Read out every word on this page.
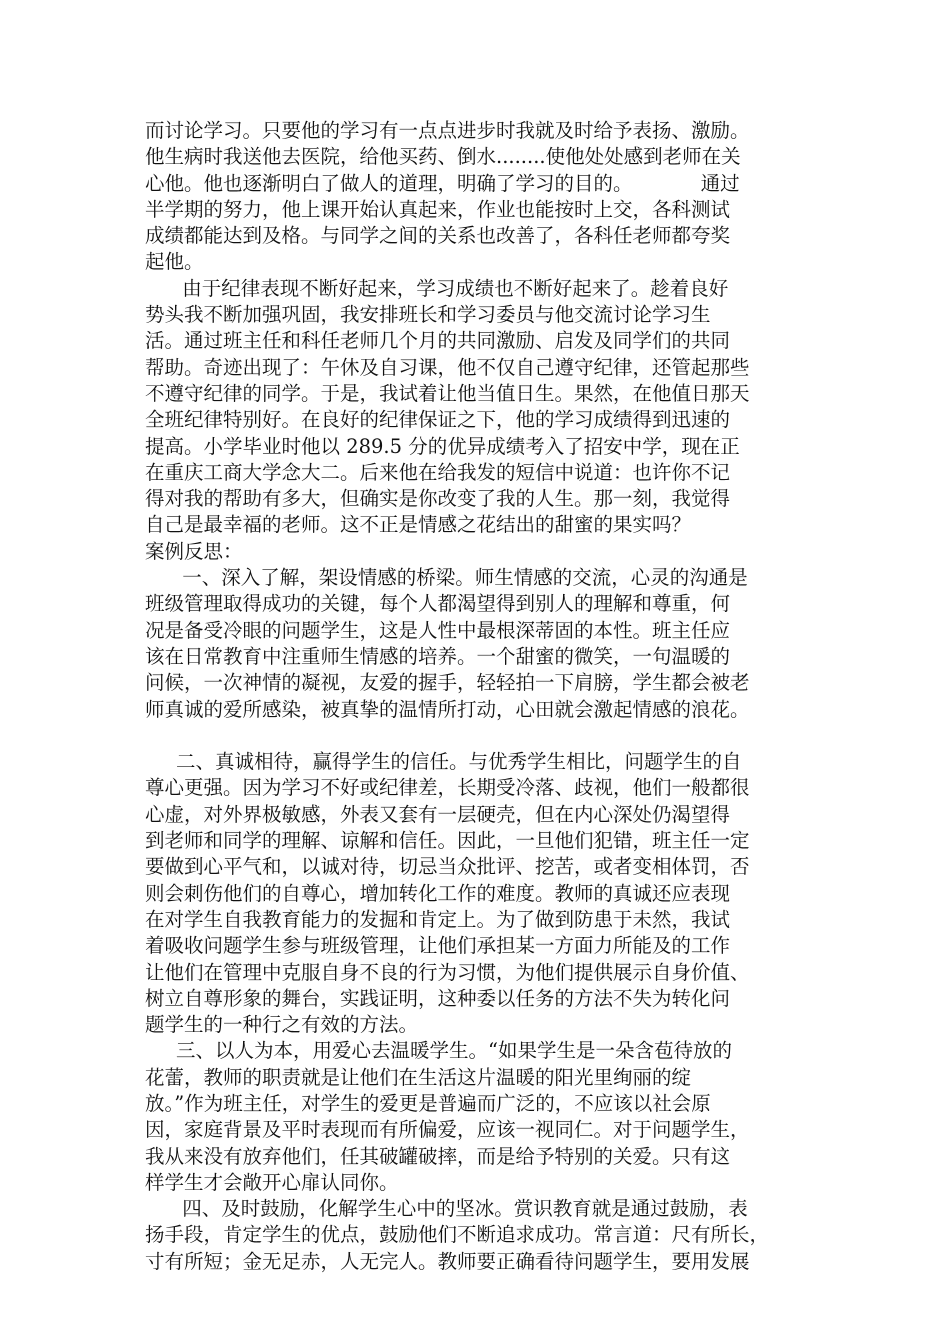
而讨论学习。只要他的学习有一点点进步时我就及时给予表扬、激励。
他生病时我送他去医院，给他买药、倒水........使他处处感到老师在关
心他。他也逐渐明白了做人的道理，明确了学习的目的。           通过
半学期的努力，他上课开始认真起来，作业也能按时上交，各科测试
成绩都能达到及格。与同学之间的关系也改善了，各科任老师都夸奖
起他。
由于纪律表现不断好起来，学习成绩也不断好起来了。趁着良好
势头我不断加强巩固，我安排班长和学习委员与他交流讨论学习生
活。通过班主任和科任老师几个月的共同激励、启发及同学们的共同
帮助。奇迹出现了：午休及自习课，他不仅自己遵守纪律，还管起那些
不遵守纪律的同学。于是，我试着让他当值日生。果然，在他值日那天
全班纪律特别好。在良好的纪律保证之下，他的学习成绩得到迅速的
提高。小学毕业时他以 289.5 分的优异成绩考入了招安中学，现在正
在重庆工商大学念大二。后来他在给我发的短信中说道：也许你不记
得对我的帮助有多大，但确实是你改变了我的人生。那一刻，我觉得
自己是最幸福的老师。这不正是情感之花结出的甜蜜的果实吗？
案例反思：
一、深入了解，架设情感的桥梁。师生情感的交流，心灵的沟通是
班级管理取得成功的关键，每个人都渴望得到别人的理解和尊重，何
况是备受冷眼的问题学生，这是人性中最根深蒂固的本性。班主任应
该在日常教育中注重师生情感的培养。一个甜蜜的微笑，一句温暖的
问候，一次神情的凝视，友爱的握手，轻轻拍一下肩膀，学生都会被老
师真诚的爱所感染，被真挚的温情所打动，心田就会激起情感的浪花。
二、真诚相待，赢得学生的信任。与优秀学生相比，问题学生的自
尊心更强。因为学习不好或纪律差，长期受冷落、歧视，他们一般都很
心虚，对外界极敏感，外表又套有一层硬壳，但在内心深处仍渴望得
到老师和同学的理解、谅解和信任。因此，一旦他们犯错，班主任一定
要做到心平气和，以诚对待，切忌当众批评、挖苦，或者变相体罚，否
则会刺伤他们的自尊心，增加转化工作的难度。教师的真诚还应表现
在对学生自我教育能力的发掘和肯定上。为了做到防患于未然，我试
着吸收问题学生参与班级管理，让他们承担某一方面力所能及的工作
让他们在管理中克服自身不良的行为习惯，为他们提供展示自身价值、
树立自尊形象的舞台，实践证明，这种委以任务的方法不失为转化问
题学生的一种行之有效的方法。
三、以人为本，用爱心去温暖学生。“如果学生是一朵含苞待放的
花蕾，教师的职责就是让他们在生活这片温暖的阳光里绚丽的绽
放。”作为班主任，对学生的爱更是普遍而广泛的，不应该以社会原
因，家庭背景及平时表现而有所偏爱，应该一视同仁。对于问题学生，
我从来没有放弃他们，任其破罐破摔，而是给予特别的关爱。只有这
样学生才会敞开心扉认同你。
四、及时鼓励，化解学生心中的坚冰。赏识教育就是通过鼓励，表
扬手段，肯定学生的优点，鼓励他们不断追求成功。常言道：尺有所长，
寸有所短；金无足赤，人无完人。教师要正确看待问题学生，要用发展
